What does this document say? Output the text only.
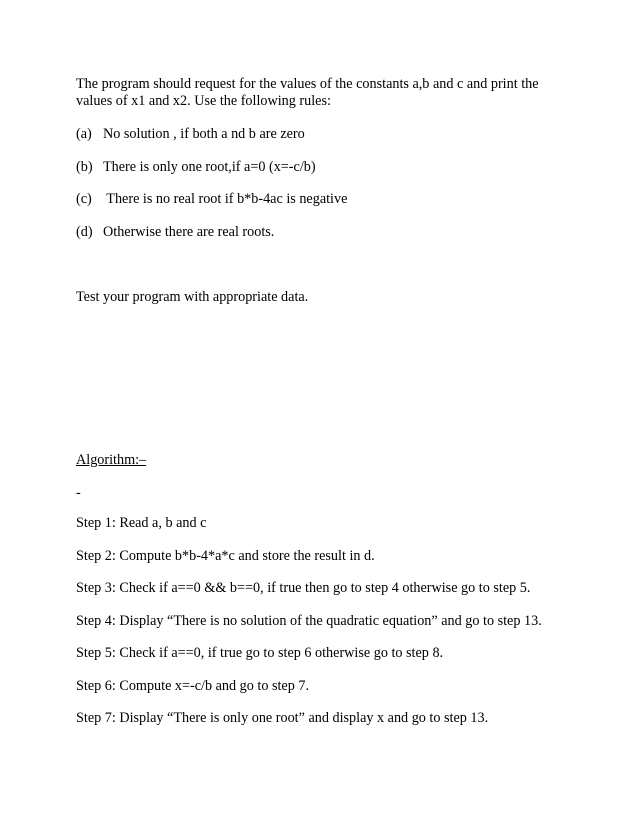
The program should request for the values of the constants a,b and c and print the
values of x1 and x2. Use the following rules:
(a) No solution , if both a nd b are zero
(b) There is only one root,if a=0 (x=-c/b)
(c) There is no real root if b*b-4ac is negative
(d) Otherwise there are real roots.
Test your program with appropriate data.
Algorithm:–
-
Step 1: Read a, b and c
Step 2: Compute b*b-4*a*c and store the result in d.
Step 3: Check if a==0 && b==0, if true then go to step 4 otherwise go to step 5.
Step 4: Display “There is no solution of the quadratic equation” and go to step 13.
Step 5: Check if a==0, if true go to step 6 otherwise go to step 8.
Step 6: Compute x=-c/b and go to step 7.
Step 7: Display “There is only one root” and display x and go to step 13.
